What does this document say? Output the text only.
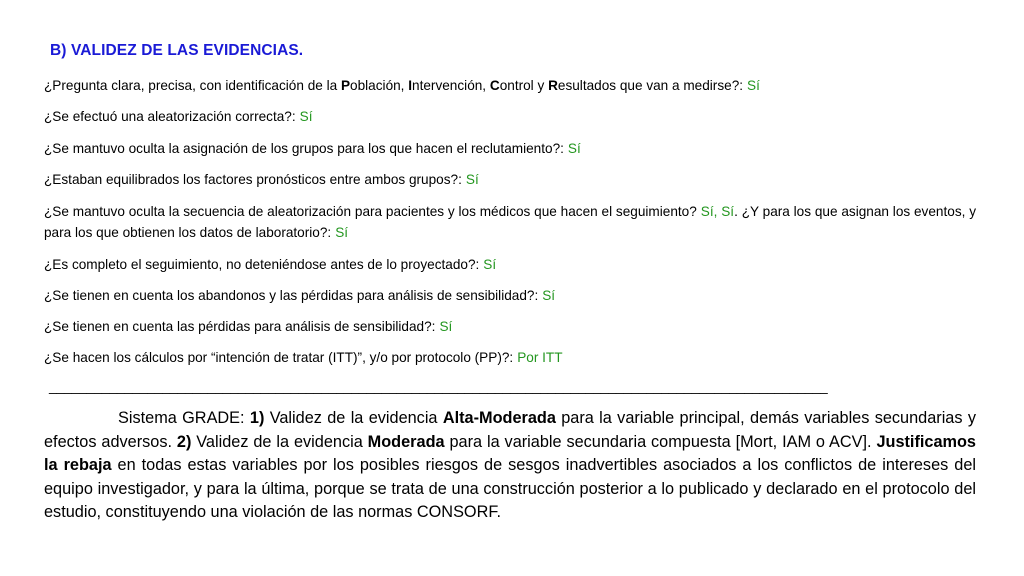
B) VALIDEZ DE LAS EVIDENCIAS.
¿Pregunta clara, precisa, con identificación de la Población, Intervención, Control y Resultados que van a medirse?: Sí
¿Se efectuó una aleatorización correcta?: Sí
¿Se mantuvo oculta la asignación de los grupos para los que hacen el reclutamiento?: Sí
¿Estaban equilibrados los factores pronósticos entre ambos grupos?: Sí
¿Se mantuvo oculta la secuencia de aleatorización para pacientes y los médicos que hacen el seguimiento? Sí, Sí. ¿Y para los que asignan los eventos, y para los que obtienen los datos de laboratorio?: Sí
¿Es completo el seguimiento, no deteniéndose antes de lo proyectado?: Sí
¿Se tienen en cuenta los abandonos y las pérdidas para análisis de sensibilidad?: Sí
¿Se tienen en cuenta las pérdidas para análisis de sensibilidad?: Sí
¿Se hacen los cálculos por “intención de tratar (ITT)”, y/o por protocolo (PP)?: Por ITT
_______________________________________________________________________________________________________
Sistema GRADE: 1) Validez de la evidencia Alta-Moderada para la variable principal, demás variables secundarias y efectos adversos. 2) Validez de la evidencia Moderada para la variable secundaria compuesta [Mort, IAM o ACV]. Justificamos la rebaja en todas estas variables por los posibles riesgos de sesgos inadvertibles asociados a los conflictos de intereses del equipo investigador, y para la última, porque se trata de una construcción posterior a lo publicado y declarado en el protocolo del estudio, constituyendo una violación de las normas CONSORF.
